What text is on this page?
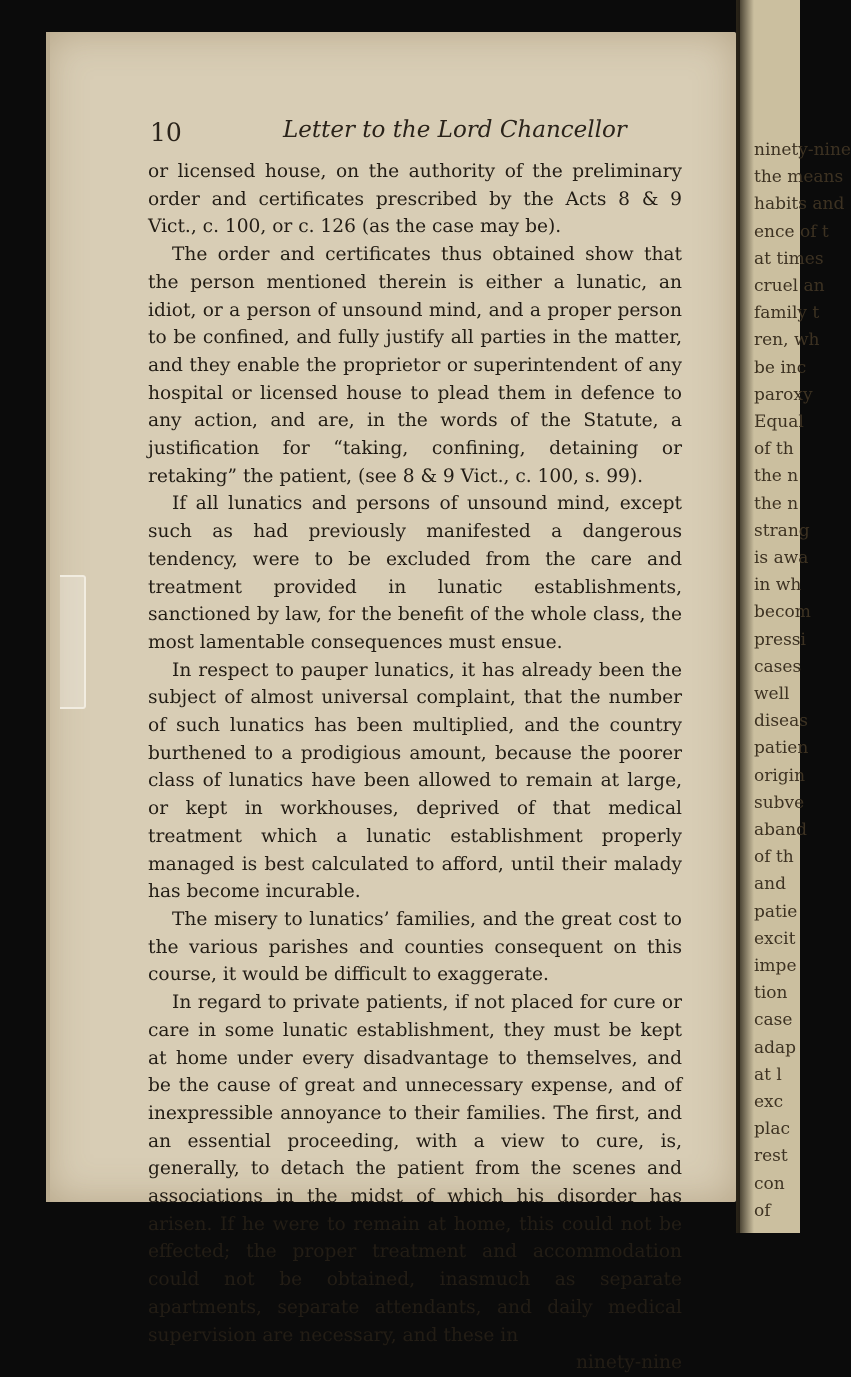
ninety-nine
the means
habits and
ence of t
at times
cruel an
family t
ren, wh
be inc
paroxy
Equal
of th
the n
the n
strang
is awa
in wh
becom
pressi
cases
well
diseas
patien
origin
subve
aband
of th
and
patie
excit
impe
tion
case
adap
at l
exc
plac
rest
con
of
10	Letter to the Lord Chancellor

or licensed house, on the authority of the preliminary order and certificates prescribed by the Acts 8 & 9 Vict., c. 100, or c. 126 (as the case may be).

The order and certificates thus obtained show that the person mentioned therein is either a lunatic, an idiot, or a person of unsound mind, and a proper person to be confined, and fully justify all parties in the matter, and they enable the proprietor or superintendent of any hospital or licensed house to plead them in defence to any action, and are, in the words of the Statute, a justification for “taking, confining, detaining or retaking” the patient, (see 8 & 9 Vict., c. 100, s. 99).

If all lunatics and persons of unsound mind, except such as had previously manifested a dangerous tendency, were to be excluded from the care and treatment provided in lunatic establishments, sanctioned by law, for the benefit of the whole class, the most lamentable consequences must ensue.

In respect to pauper lunatics, it has already been the subject of almost universal complaint, that the number of such lunatics has been multiplied, and the country burthened to a prodigious amount, because the poorer class of lunatics have been allowed to remain at large, or kept in workhouses, deprived of that medical treatment which a lunatic establishment properly managed is best calculated to afford, until their malady has become incurable.

The misery to lunatics’ families, and the great cost to the various parishes and counties consequent on this course, it would be difficult to exaggerate.

In regard to private patients, if not placed for cure or care in some lunatic establishment, they must be kept at home under every disadvantage to themselves, and be the cause of great and unnecessary expense, and of inexpressible annoyance to their families. The first, and an essential proceeding, with a view to cure, is, generally, to detach the patient from the scenes and associations in the midst of which his disorder has arisen. If he were to remain at home, this could not be effected; the proper treatment and accommodation could not be obtained, inasmuch as separate apartments, separate attendants, and daily medical supervision are necessary, and these in

ninety-nine
